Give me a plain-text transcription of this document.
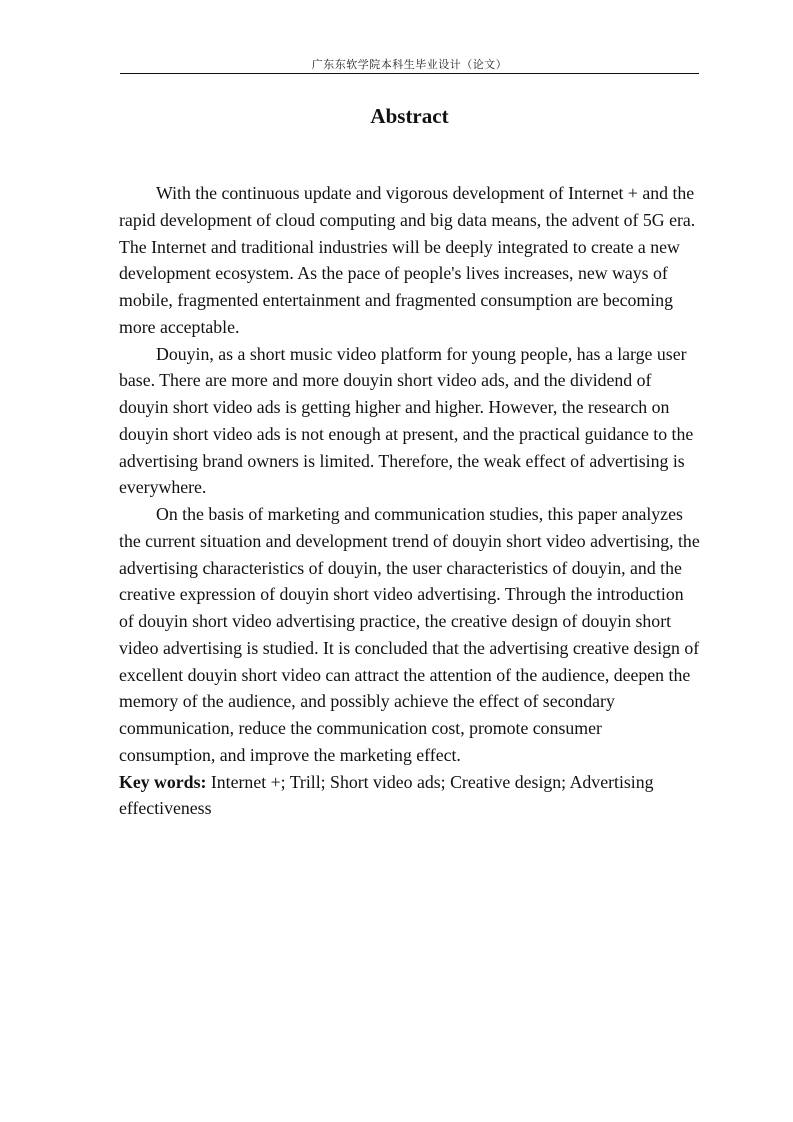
广东东软学院本科生毕业设计（论文）
Abstract

With the continuous update and vigorous development of Internet + and the rapid development of cloud computing and big data means, the advent of 5G era. The Internet and traditional industries will be deeply integrated to create a new development ecosystem. As the pace of people's lives increases, new ways of mobile, fragmented entertainment and fragmented consumption are becoming more acceptable.

Douyin, as a short music video platform for young people, has a large user base. There are more and more douyin short video ads, and the dividend of douyin short video ads is getting higher and higher. However, the research on douyin short video ads is not enough at present, and the practical guidance to the advertising brand owners is limited. Therefore, the weak effect of advertising is everywhere.

On the basis of marketing and communication studies, this paper analyzes the current situation and development trend of douyin short video advertising, the advertising characteristics of douyin, the user characteristics of douyin, and the creative expression of douyin short video advertising. Through the introduction of douyin short video advertising practice, the creative design of douyin short video advertising is studied. It is concluded that the advertising creative design of excellent douyin short video can attract the attention of the audience, deepen the memory of the audience, and possibly achieve the effect of secondary communication, reduce the communication cost, promote consumer consumption, and improve the marketing effect.

Key words: Internet +; Trill; Short video ads; Creative design; Advertising effectiveness
